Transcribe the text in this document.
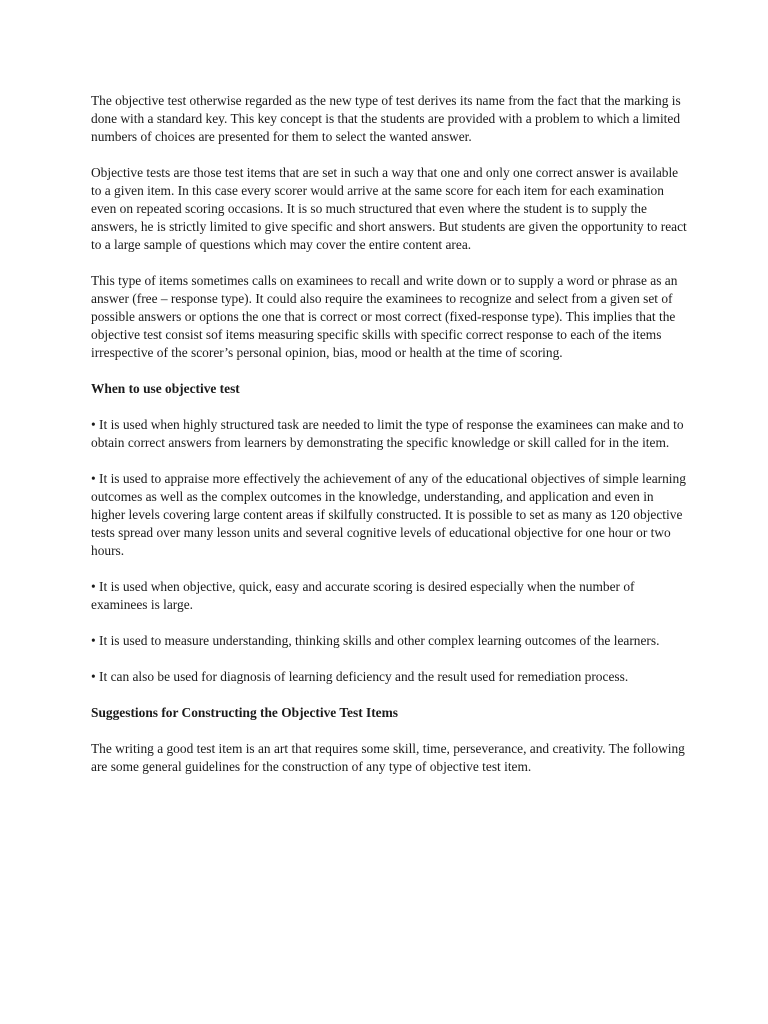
The objective test otherwise regarded as the new type of test derives its name from the fact that the marking is done with a standard key. This key concept is that the students are provided with a problem to which a limited numbers of choices are presented for them to select the wanted answer.

Objective tests are those test items that are set in such a way that one and only one correct answer is available to a given item. In this case every scorer would arrive at the same score for each item for each examination even on repeated scoring occasions. It is so much structured that even where the student is to supply the answers, he is strictly limited to give specific and short answers. But students are given the opportunity to react to a large sample of questions which may cover the entire content area.

This type of items sometimes calls on examinees to recall and write down or to supply a word or phrase as an answer (free – response type). It could also require the examinees to recognize and select from a given set of possible answers or options the one that is correct or most correct (fixed-response type). This implies that the objective test consist sof items measuring specific skills with specific correct response to each of the items irrespective of the scorer’s personal opinion, bias, mood or health at the time of scoring.

When to use objective test

• It is used when highly structured task are needed to limit the type of response the examinees can make and to obtain correct answers from learners by demonstrating the specific knowledge or skill called for in the item.

• It is used to appraise more effectively the achievement of any of the educational objectives of simple learning outcomes as well as the complex outcomes in the knowledge, understanding, and application and even in higher levels covering large content areas if skilfully constructed. It is possible to set as many as 120 objective tests spread over many lesson units and several cognitive levels of educational objective for one hour or two hours.

• It is used when objective, quick, easy and accurate scoring is desired especially when the number of examinees is large.

• It is used to measure understanding, thinking skills and other complex learning outcomes of the learners.

• It can also be used for diagnosis of learning deficiency and the result used for remediation process.

Suggestions for Constructing the Objective Test Items

The writing a good test item is an art that requires some skill, time, perseverance, and creativity. The following are some general guidelines for the construction of any type of objective test item.
